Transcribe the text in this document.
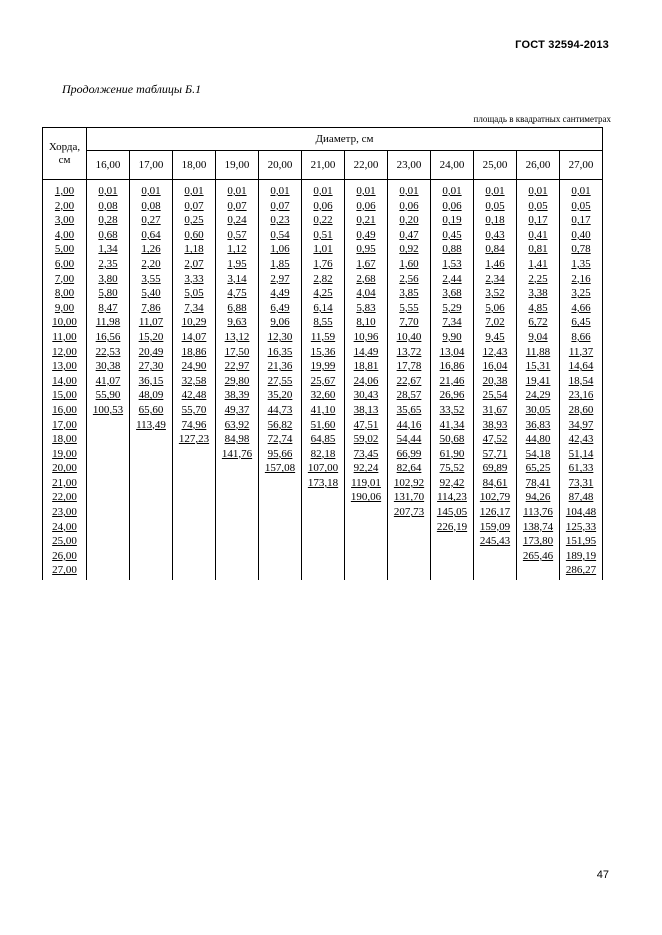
ГОСТ 32594-2013
Продолжение таблицы Б.1
площадь в квадратных сантиметрах
Хорда, см	Диаметр, см											
	16,00	17,00	18,00	19,00	20,00	21,00	22,00	23,00	24,00	25,00	26,00	27,00
1,00	0,01	0,01	0,01	0,01	0,01	0,01	0,01	0,01	0,01	0,01	0,01	0,01
2,00	0,08	0,08	0,07	0,07	0,07	0,06	0,06	0,06	0,06	0,05	0,05	0,05
3,00	0,28	0,27	0,25	0,24	0,23	0,22	0,21	0,20	0,19	0,18	0,17	0,17
4,00	0,68	0,64	0,60	0,57	0,54	0,51	0,49	0,47	0,45	0,43	0,41	0,40
5,00	1,34	1,26	1,18	1,12	1,06	1,01	0,95	0,92	0,88	0,84	0,81	0,78
6,00	2,35	2,20	2,07	1,95	1,85	1,76	1,67	1,60	1,53	1,46	1,41	1,35
7,00	3,80	3,55	3,33	3,14	2,97	2,82	2,68	2,56	2,44	2,34	2,25	2,16
8,00	5,80	5,40	5,05	4,75	4,49	4,25	4,04	3,85	3,68	3,52	3,38	3,25
9,00	8,47	7,86	7,34	6,88	6,49	6,14	5,83	5,55	5,29	5,06	4,85	4,66
10,00	11,98	11,07	10,29	9,63	9,06	8,55	8,10	7,70	7,34	7,02	6,72	6,45
11,00	16,56	15,20	14,07	13,12	12,30	11,59	10,96	10,40	9,90	9,45	9,04	8,66
12,00	22,53	20,49	18,86	17,50	16,35	15,36	14,49	13,72	13,04	12,43	11,88	11,37
13,00	30,38	27,30	24,90	22,97	21,36	19,99	18,81	17,78	16,86	16,04	15,31	14,64
14,00	41,07	36,15	32,58	29,80	27,55	25,67	24,06	22,67	21,46	20,38	19,41	18,54
15,00	55,90	48,09	42,48	38,39	35,20	32,60	30,43	28,57	26,96	25,54	24,29	23,16
16,00	100,53	65,60	55,70	49,37	44,73	41,10	38,13	35,65	33,52	31,67	30,05	28,60
17,00		113,49	74,96	63,92	56,82	51,60	47,51	44,16	41,34	38,93	36,83	34,97
18,00			127,23	84,98	72,74	64,85	59,02	54,44	50,68	47,52	44,80	42,43
19,00				141,76	95,66	82,18	73,45	66,99	61,90	57,71	54,18	51,14
20,00					157,08	107,00	92,24	82,64	75,52	69,89	65,25	61,33
21,00						173,18	119,01	102,92	92,42	84,61	78,41	73,31
22,00							190,06	131,70	114,23	102,79	94,26	87,48
23,00								207,73	145,05	126,17	113,76	104,48
24,00									226,19	159,09	138,74	125,33
25,00										245,43	173,80	151,95
26,00											265,46	189,19
27,00												286,27
47
